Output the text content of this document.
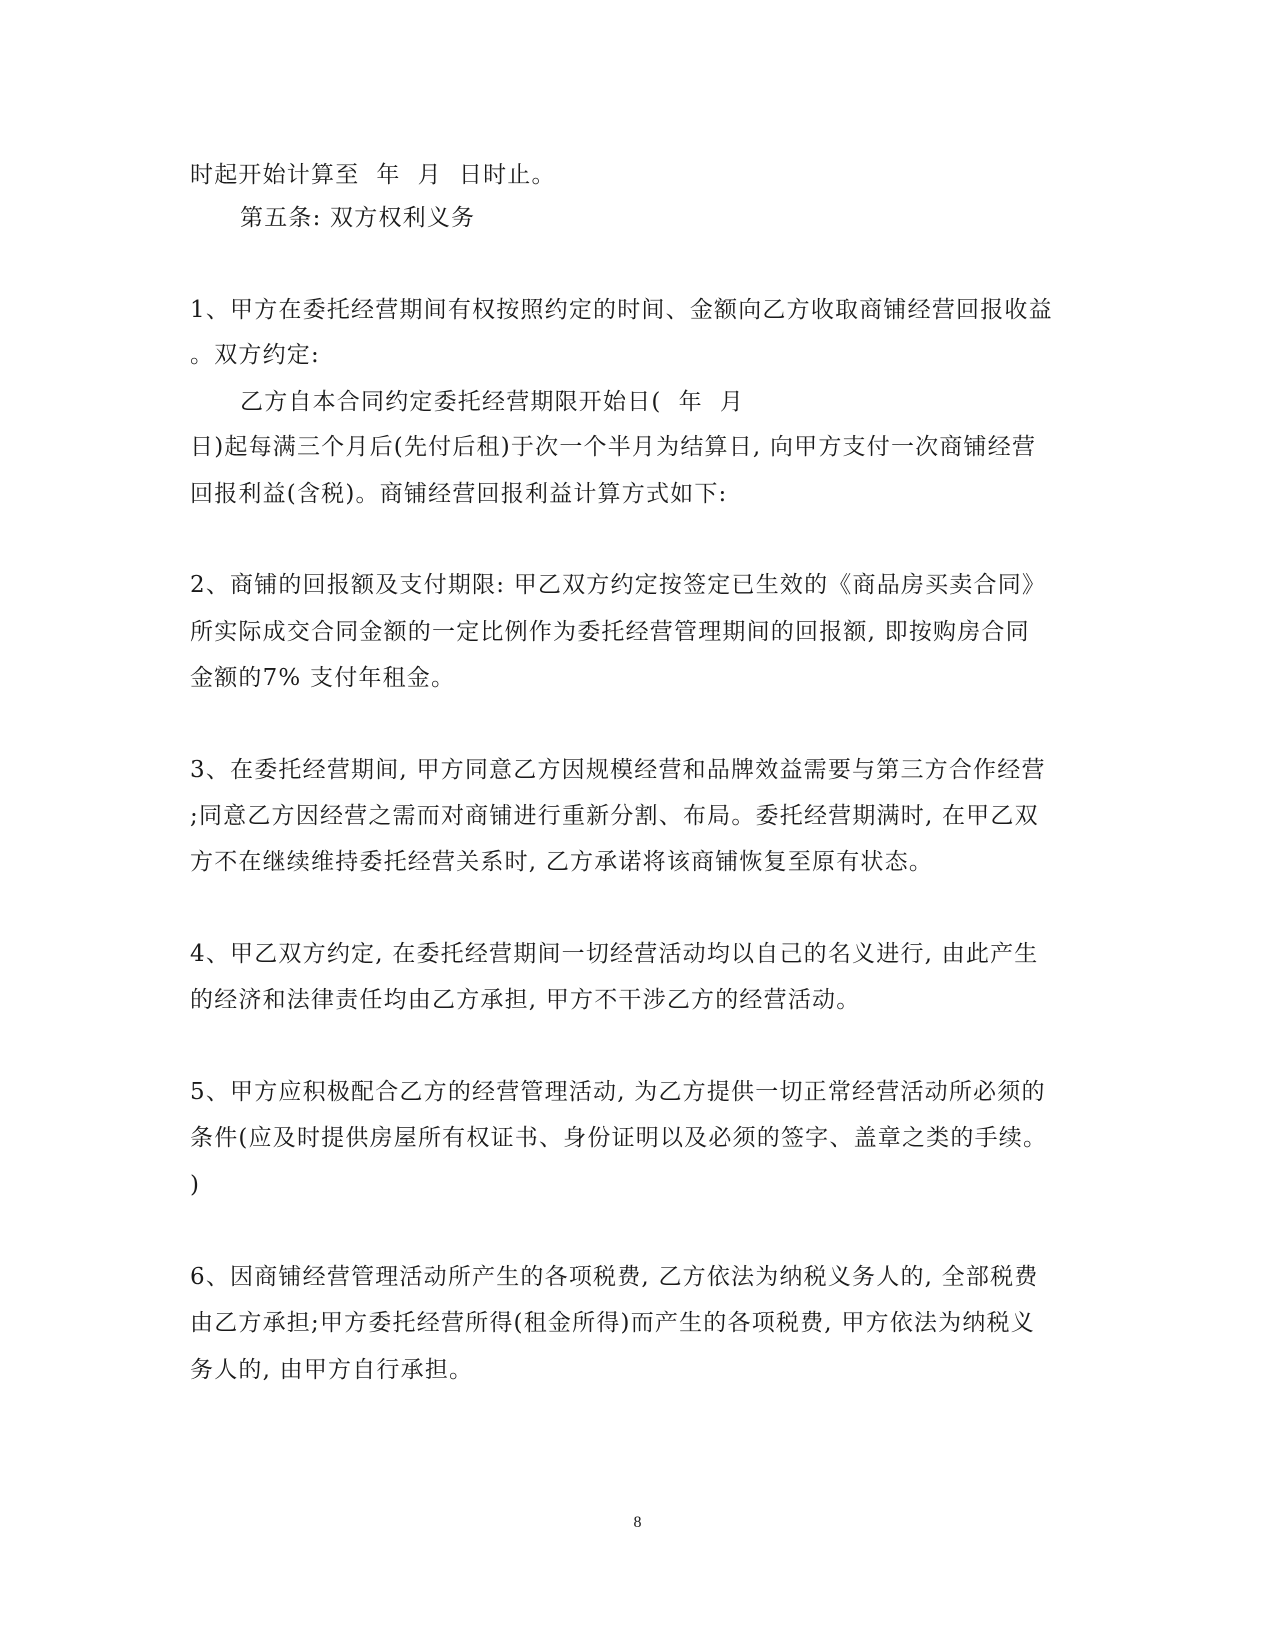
时起开始计算至  年  月  日时止。
第五条: 双方权利义务
1、甲方在委托经营期间有权按照约定的时间、金额向乙方收取商铺经营回报收益
。双方约定:
乙方自本合同约定委托经营期限开始日(  年  月
日)起每满三个月后(先付后租)于次一个半月为结算日, 向甲方支付一次商铺经营
回报利益(含税)。商铺经营回报利益计算方式如下:
2、商铺的回报额及支付期限: 甲乙双方约定按签定已生效的《商品房买卖合同》
所实际成交合同金额的一定比例作为委托经营管理期间的回报额, 即按购房合同
金额的7% 支付年租金。
3、在委托经营期间, 甲方同意乙方因规模经营和品牌效益需要与第三方合作经营
;同意乙方因经营之需而对商铺进行重新分割、布局。委托经营期满时, 在甲乙双
方不在继续维持委托经营关系时, 乙方承诺将该商铺恢复至原有状态。
4、甲乙双方约定, 在委托经营期间一切经营活动均以自己的名义进行, 由此产生
的经济和法律责任均由乙方承担, 甲方不干涉乙方的经营活动。
5、甲方应积极配合乙方的经营管理活动, 为乙方提供一切正常经营活动所必须的
条件(应及时提供房屋所有权证书、身份证明以及必须的签字、盖章之类的手续。
)
6、因商铺经营管理活动所产生的各项税费, 乙方依法为纳税义务人的, 全部税费
由乙方承担;甲方委托经营所得(租金所得)而产生的各项税费, 甲方依法为纳税义
务人的, 由甲方自行承担。
8
